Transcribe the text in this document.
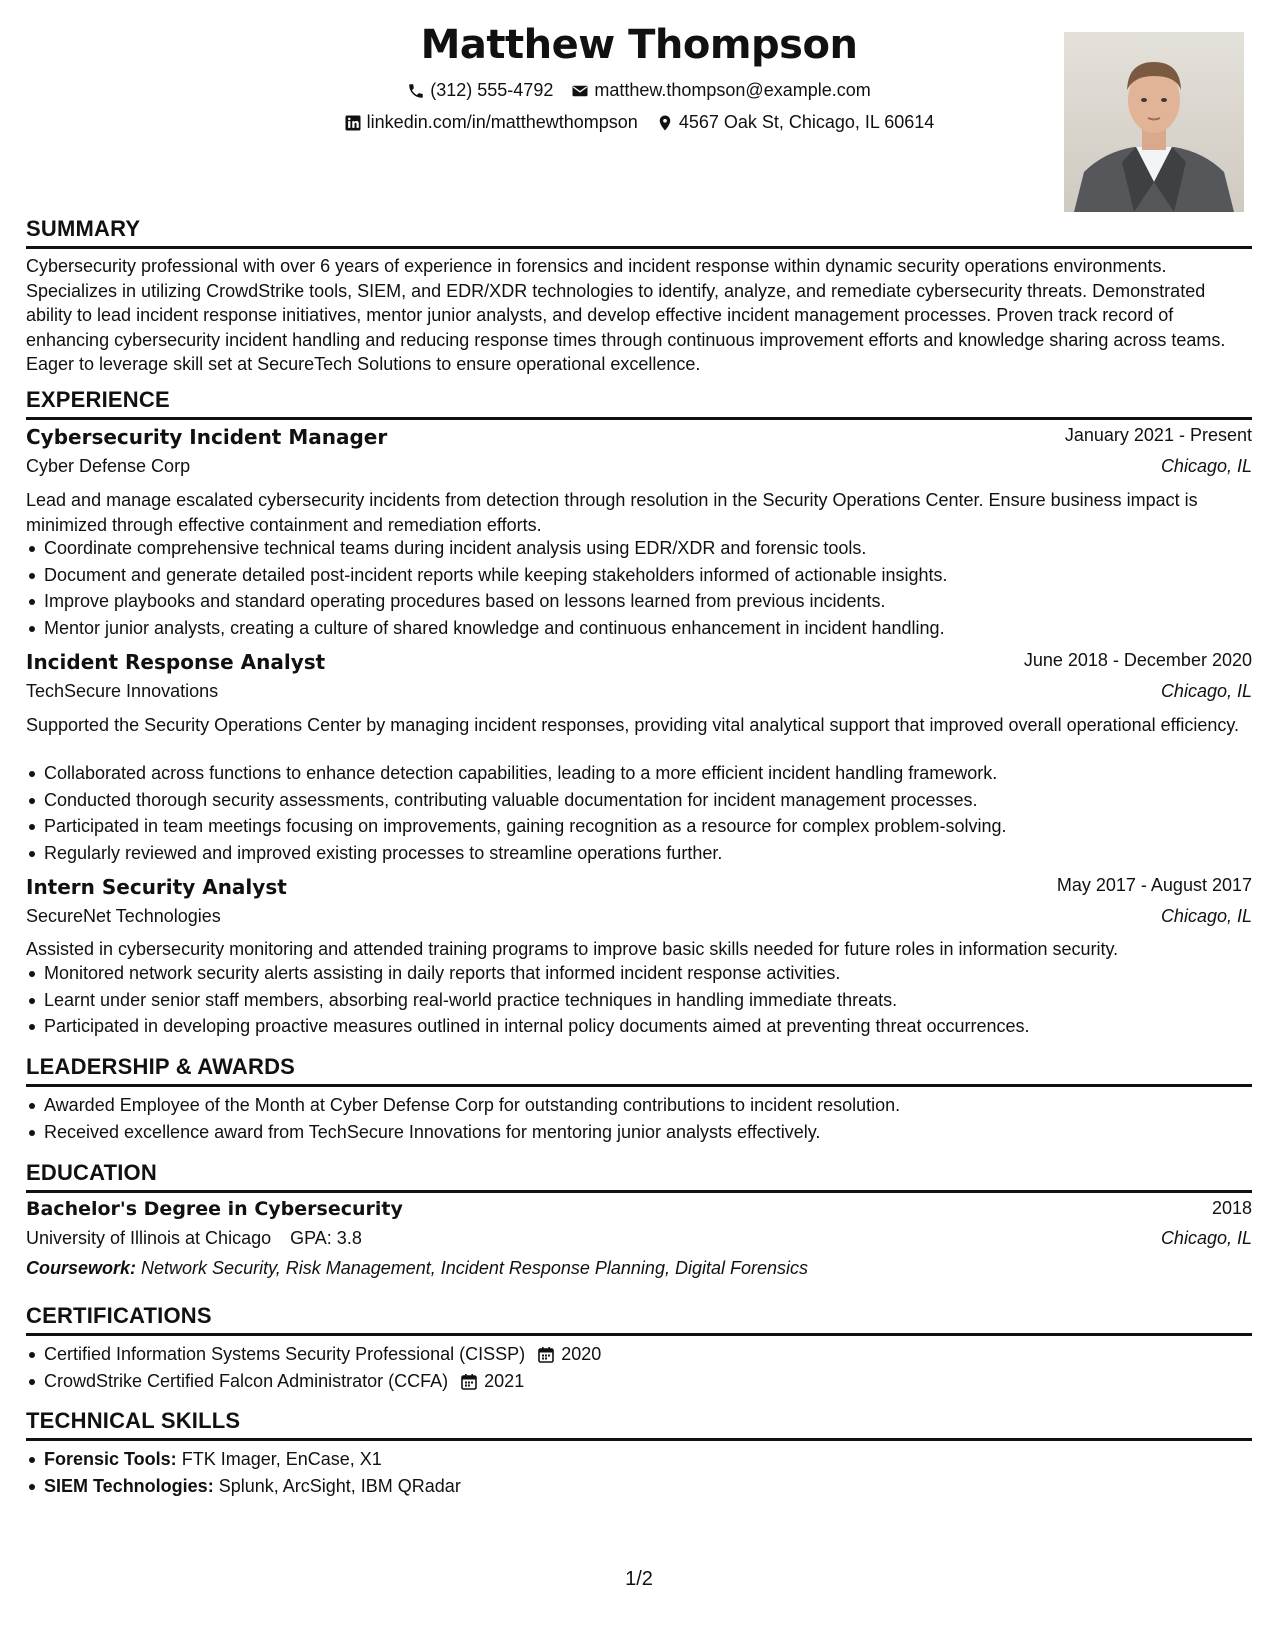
Matthew Thompson
(312) 555-4792 matthew.thompson@example.com
linkedin.com/in/matthewthompson 4567 Oak St, Chicago, IL 60614
SUMMARY
Cybersecurity professional with over 6 years of experience in forensics and incident response within dynamic security operations environments. Specializes in utilizing CrowdStrike tools, SIEM, and EDR/XDR technologies to identify, analyze, and remediate cybersecurity threats. Demonstrated ability to lead incident response initiatives, mentor junior analysts, and develop effective incident management processes. Proven track record of enhancing cybersecurity incident handling and reducing response times through continuous improvement efforts and knowledge sharing across teams. Eager to leverage skill set at SecureTech Solutions to ensure operational excellence.
EXPERIENCE
Cybersecurity Incident Manager	January 2021 - Present
Cyber Defense Corp	Chicago, IL
Lead and manage escalated cybersecurity incidents from detection through resolution in the Security Operations Center. Ensure business impact is minimized through effective containment and remediation efforts.
Coordinate comprehensive technical teams during incident analysis using EDR/XDR and forensic tools.
Document and generate detailed post-incident reports while keeping stakeholders informed of actionable insights.
Improve playbooks and standard operating procedures based on lessons learned from previous incidents.
Mentor junior analysts, creating a culture of shared knowledge and continuous enhancement in incident handling.
Incident Response Analyst	June 2018 - December 2020
TechSecure Innovations	Chicago, IL
Supported the Security Operations Center by managing incident responses, providing vital analytical support that improved overall operational efficiency.
Collaborated across functions to enhance detection capabilities, leading to a more efficient incident handling framework.
Conducted thorough security assessments, contributing valuable documentation for incident management processes.
Participated in team meetings focusing on improvements, gaining recognition as a resource for complex problem-solving.
Regularly reviewed and improved existing processes to streamline operations further.
Intern Security Analyst	May 2017 - August 2017
SecureNet Technologies	Chicago, IL
Assisted in cybersecurity monitoring and attended training programs to improve basic skills needed for future roles in information security.
Monitored network security alerts assisting in daily reports that informed incident response activities.
Learnt under senior staff members, absorbing real-world practice techniques in handling immediate threats.
Participated in developing proactive measures outlined in internal policy documents aimed at preventing threat occurrences.
LEADERSHIP & AWARDS
Awarded Employee of the Month at Cyber Defense Corp for outstanding contributions to incident resolution.
Received excellence award from TechSecure Innovations for mentoring junior analysts effectively.
EDUCATION
Bachelor's Degree in Cybersecurity	2018
University of Illinois at Chicago GPA: 3.8	Chicago, IL
Coursework: Network Security, Risk Management, Incident Response Planning, Digital Forensics
CERTIFICATIONS
Certified Information Systems Security Professional (CISSP) 2020
CrowdStrike Certified Falcon Administrator (CCFA) 2021
TECHNICAL SKILLS
Forensic Tools: FTK Imager, EnCase, X1
SIEM Technologies: Splunk, ArcSight, IBM QRadar
1/2
